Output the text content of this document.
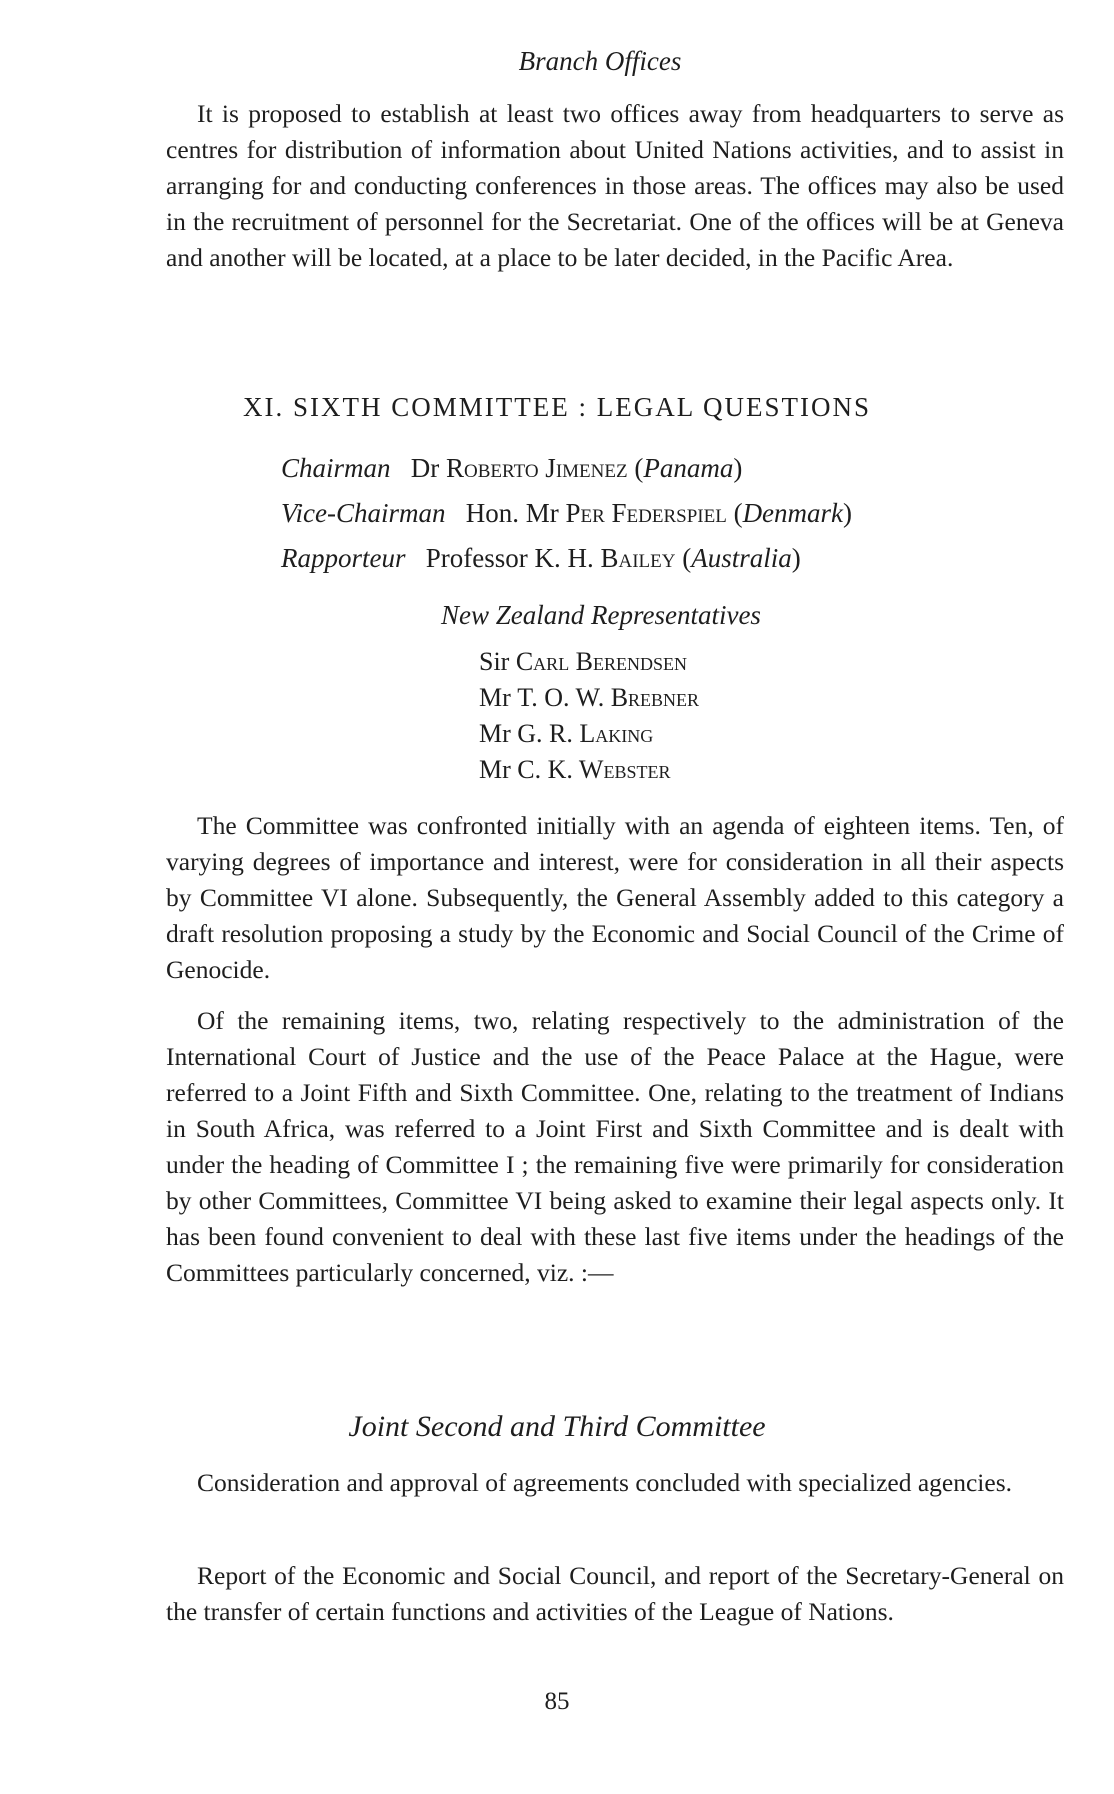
Branch Offices

It is proposed to establish at least two offices away from headquarters to serve as centres for distribution of information about United Nations activities, and to assist in arranging for and conducting conferences in those areas. The offices may also be used in the recruitment of personnel for the Secretariat. One of the offices will be at Geneva and another will be located, at a place to be later decided, in the Pacific Area.

XI. SIXTH COMMITTEE : LEGAL QUESTIONS
Chairman Dr Roberto Jimenez (Panama)
Vice-Chairman Hon. Mr Per Federspiel (Denmark)
Rapporteur Professor K. H. Bailey (Australia)
New Zealand Representatives
Sir Carl Berendsen
Mr T. O. W. Brebner
Mr G. R. Laking
Mr C. K. Webster

The Committee was confronted initially with an agenda of eighteen items. Ten, of varying degrees of importance and interest, were for consideration in all their aspects by Committee VI alone. Subsequently, the General Assembly added to this category a draft resolution proposing a study by the Economic and Social Council of the Crime of Genocide.

Of the remaining items, two, relating respectively to the administration of the International Court of Justice and the use of the Peace Palace at the Hague, were referred to a Joint Fifth and Sixth Committee. One, relating to the treatment of Indians in South Africa, was referred to a Joint First and Sixth Committee and is dealt with under the heading of Committee I ; the remaining five were primarily for consideration by other Committees, Committee VI being asked to examine their legal aspects only. It has been found convenient to deal with these last five items under the headings of the Committees particularly concerned, viz. :—

Joint Second and Third Committee

Consideration and approval of agreements concluded with specialized agencies.

Report of the Economic and Social Council, and report of the Secretary-General on the transfer of certain functions and activities of the League of Nations.

85
